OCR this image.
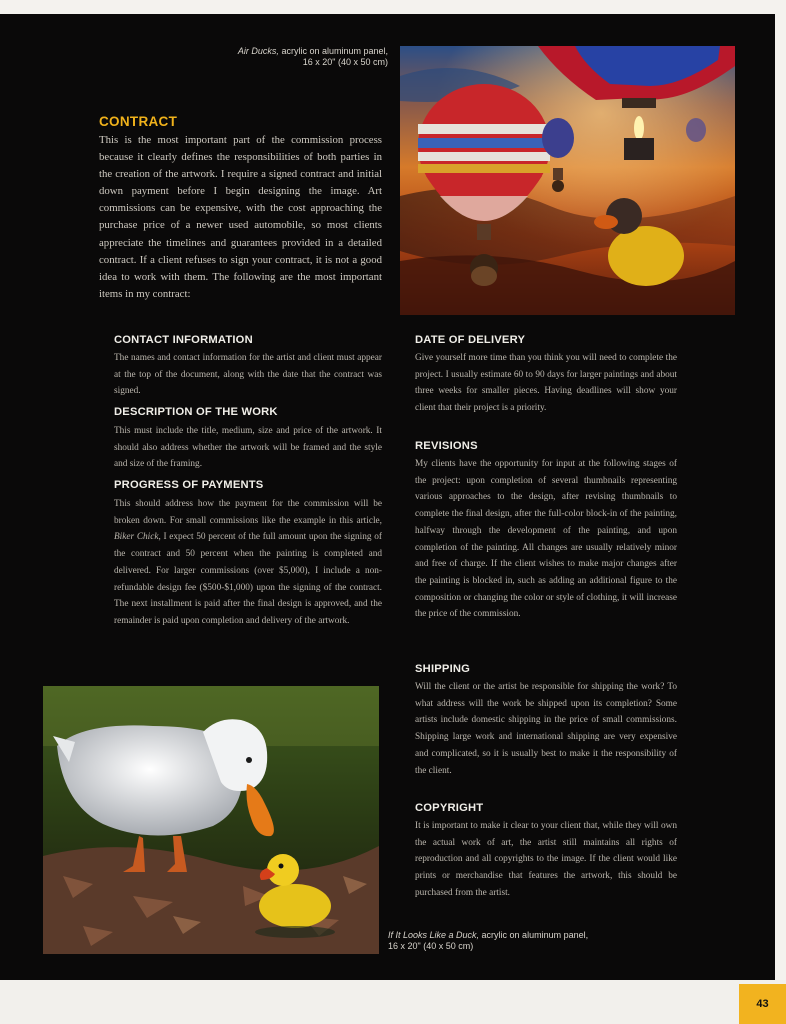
Air Ducks, acrylic on aluminum panel,
16 x 20" (40 x 50 cm)
CONTRACT

This is the most important part of the commission process because it clearly defines the responsibilities of both parties in the creation of the artwork. I require a signed contract and initial down payment before I begin designing the image. Art commissions can be expensive, with the cost approaching the purchase price of a newer used automobile, so most clients appreciate the timelines and guarantees provided in a detailed contract. If a client refuses to sign your contract, it is not a good idea to work with them. The following are the most important items in my contract:

CONTACT INFORMATION

The names and contact information for the artist and client must appear at the top of the document, along with the date that the contract was signed.

DESCRIPTION OF THE WORK

This must include the title, medium, size and price of the artwork. It should also address whether the artwork will be framed and the style and size of the framing.

PROGRESS OF PAYMENTS

This should address how the payment for the commission will be broken down. For small commissions like the example in this article, Biker Chick, I expect 50 percent of the full amount upon the signing of the contract and 50 percent when the painting is completed and delivered. For larger commissions (over $5,000), I include a non-refundable design fee ($500-$1,000) upon the signing of the contract. The next installment is paid after the final design is approved, and the remainder is paid upon completion and delivery of the artwork.

DATE OF DELIVERY

Give yourself more time than you think you will need to complete the project. I usually estimate 60 to 90 days for larger paintings and about three weeks for smaller pieces. Having deadlines will show your client that their project is a priority.

REVISIONS

My clients have the opportunity for input at the following stages of the project: upon completion of several thumbnails representing various approaches to the design, after revising thumbnails to complete the final design, after the full-color block-in of the painting, halfway through the development of the painting, and upon completion of the painting. All changes are usually relatively minor and free of charge. If the client wishes to make major changes after the painting is blocked in, such as adding an additional figure to the composition or changing the color or style of clothing, it will increase the price of the commission.

SHIPPING

Will the client or the artist be responsible for shipping the work? To what address will the work be shipped upon its completion? Some artists include domestic shipping in the price of small commissions. Shipping large work and international shipping are very expensive and complicated, so it is usually best to make it the responsibility of the client.

COPYRIGHT

It is important to make it clear to your client that, while they will own the actual work of art, the artist still maintains all rights of reproduction and all copyrights to the image. If the client would like prints or merchandise that features the artwork, this should be purchased from the artist.

If It Looks Like a Duck, acrylic on aluminum panel,
16 x 20" (40 x 50 cm)
43
